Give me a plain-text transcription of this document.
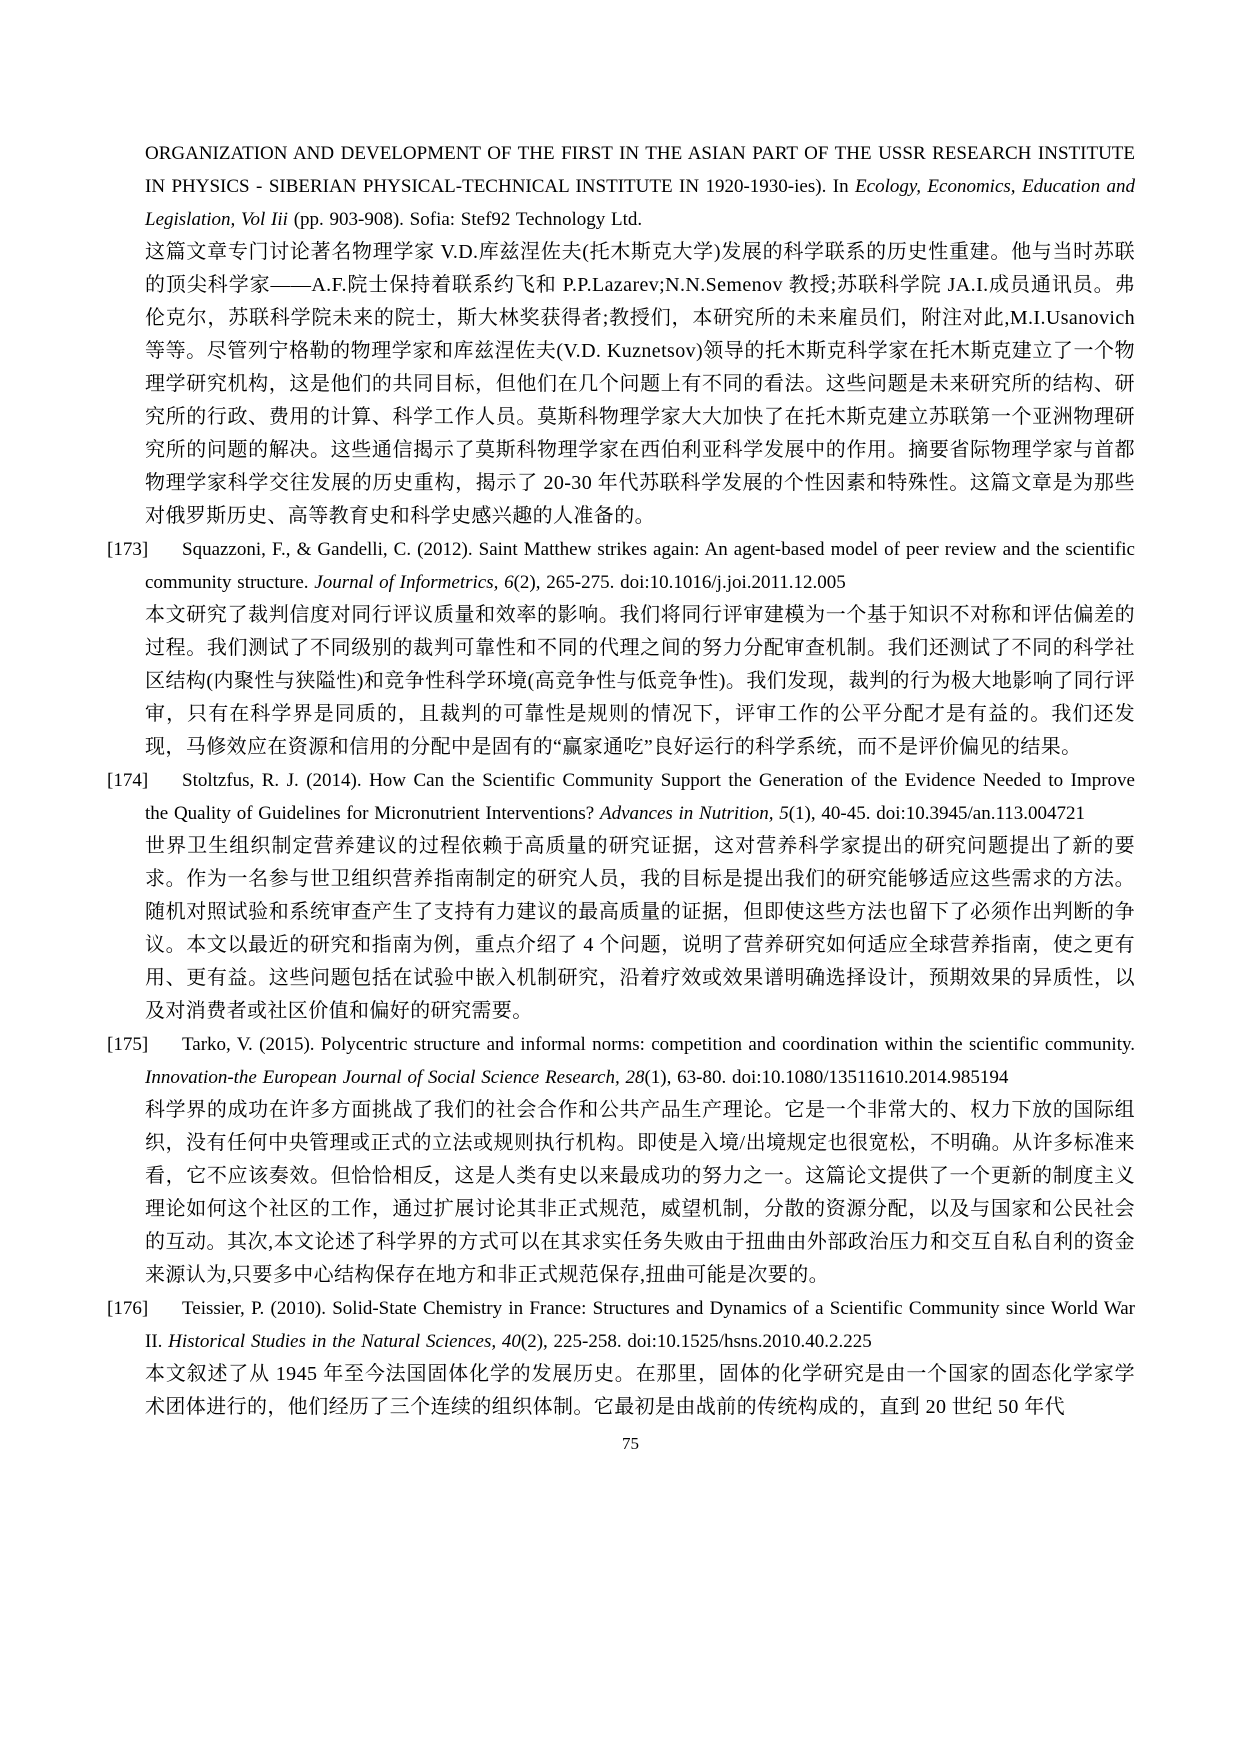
ORGANIZATION AND DEVELOPMENT OF THE FIRST IN THE ASIAN PART OF THE USSR RESEARCH INSTITUTE IN PHYSICS - SIBERIAN PHYSICAL-TECHNICAL INSTITUTE IN 1920-1930-ies). In Ecology, Economics, Education and Legislation, Vol Iii (pp. 903-908). Sofia: Stef92 Technology Ltd.

这篇文章专门讨论著名物理学家 V.D.库兹涅佐夫(托木斯克大学)发展的科学联系的历史性重建。他与当时苏联的顶尖科学家——A.F.院士保持着联系约飞和 P.P.Lazarev;N.N.Semenov 教授;苏联科学院 JA.I.成员通讯员。弗伦克尔，苏联科学院未来的院士，斯大林奖获得者;教授们，本研究所的未来雇员们，附注对此,M.I.Usanovich 等等。尽管列宁格勒的物理学家和库兹涅佐夫(V.D. Kuznetsov)领导的托木斯克科学家在托木斯克建立了一个物理学研究机构，这是他们的共同目标，但他们在几个问题上有不同的看法。这些问题是未来研究所的结构、研究所的行政、费用的计算、科学工作人员。莫斯科物理学家大大加快了在托木斯克建立苏联第一个亚洲物理研究所的问题的解决。这些通信揭示了莫斯科物理学家在西伯利亚科学发展中的作用。摘要省际物理学家与首都物理学家科学交往发展的历史重构，揭示了 20-30 年代苏联科学发展的个性因素和特殊性。这篇文章是为那些对俄罗斯历史、高等教育史和科学史感兴趣的人准备的。

[173] Squazzoni, F., & Gandelli, C. (2012). Saint Matthew strikes again: An agent-based model of peer review and the scientific community structure. Journal of Informetrics, 6(2), 265-275. doi:10.1016/j.joi.2011.12.005

本文研究了裁判信度对同行评议质量和效率的影响。我们将同行评审建模为一个基于知识不对称和评估偏差的过程。我们测试了不同级别的裁判可靠性和不同的代理之间的努力分配审查机制。我们还测试了不同的科学社区结构(内聚性与狭隘性)和竞争性科学环境(高竞争性与低竞争性)。我们发现，裁判的行为极大地影响了同行评审，只有在科学界是同质的，且裁判的可靠性是规则的情况下，评审工作的公平分配才是有益的。我们还发现，马修效应在资源和信用的分配中是固有的“赢家通吃”良好运行的科学系统，而不是评价偏见的结果。

[174] Stoltzfus, R. J. (2014). How Can the Scientific Community Support the Generation of the Evidence Needed to Improve the Quality of Guidelines for Micronutrient Interventions? Advances in Nutrition, 5(1), 40-45. doi:10.3945/an.113.004721

世界卫生组织制定营养建议的过程依赖于高质量的研究证据，这对营养科学家提出的研究问题提出了新的要求。作为一名参与世卫组织营养指南制定的研究人员，我的目标是提出我们的研究能够适应这些需求的方法。随机对照试验和系统审查产生了支持有力建议的最高质量的证据，但即使这些方法也留下了必须作出判断的争议。本文以最近的研究和指南为例，重点介绍了 4 个问题，说明了营养研究如何适应全球营养指南，使之更有用、更有益。这些问题包括在试验中嵌入机制研究，沿着疗效或效果谱明确选择设计，预期效果的异质性，以及对消费者或社区价值和偏好的研究需要。

[175] Tarko, V. (2015). Polycentric structure and informal norms: competition and coordination within the scientific community. Innovation-the European Journal of Social Science Research, 28(1), 63-80. doi:10.1080/13511610.2014.985194

科学界的成功在许多方面挑战了我们的社会合作和公共产品生产理论。它是一个非常大的、权力下放的国际组织，没有任何中央管理或正式的立法或规则执行机构。即使是入境/出境规定也很宽松，不明确。从许多标准来看，它不应该奏效。但恰恰相反，这是人类有史以来最成功的努力之一。这篇论文提供了一个更新的制度主义理论如何这个社区的工作，通过扩展讨论其非正式规范，威望机制，分散的资源分配，以及与国家和公民社会的互动。其次,本文论述了科学界的方式可以在其求实任务失败由于扭曲由外部政治压力和交互自私自利的资金来源认为,只要多中心结构保存在地方和非正式规范保存,扭曲可能是次要的。

[176] Teissier, P. (2010). Solid-State Chemistry in France: Structures and Dynamics of a Scientific Community since World War II. Historical Studies in the Natural Sciences, 40(2), 225-258. doi:10.1525/hsns.2010.40.2.225

本文叙述了从 1945 年至今法国固体化学的发展历史。在那里，固体的化学研究是由一个国家的固态化学家学术团体进行的，他们经历了三个连续的组织体制。它最初是由战前的传统构成的，直到 20 世纪 50 年代

75
